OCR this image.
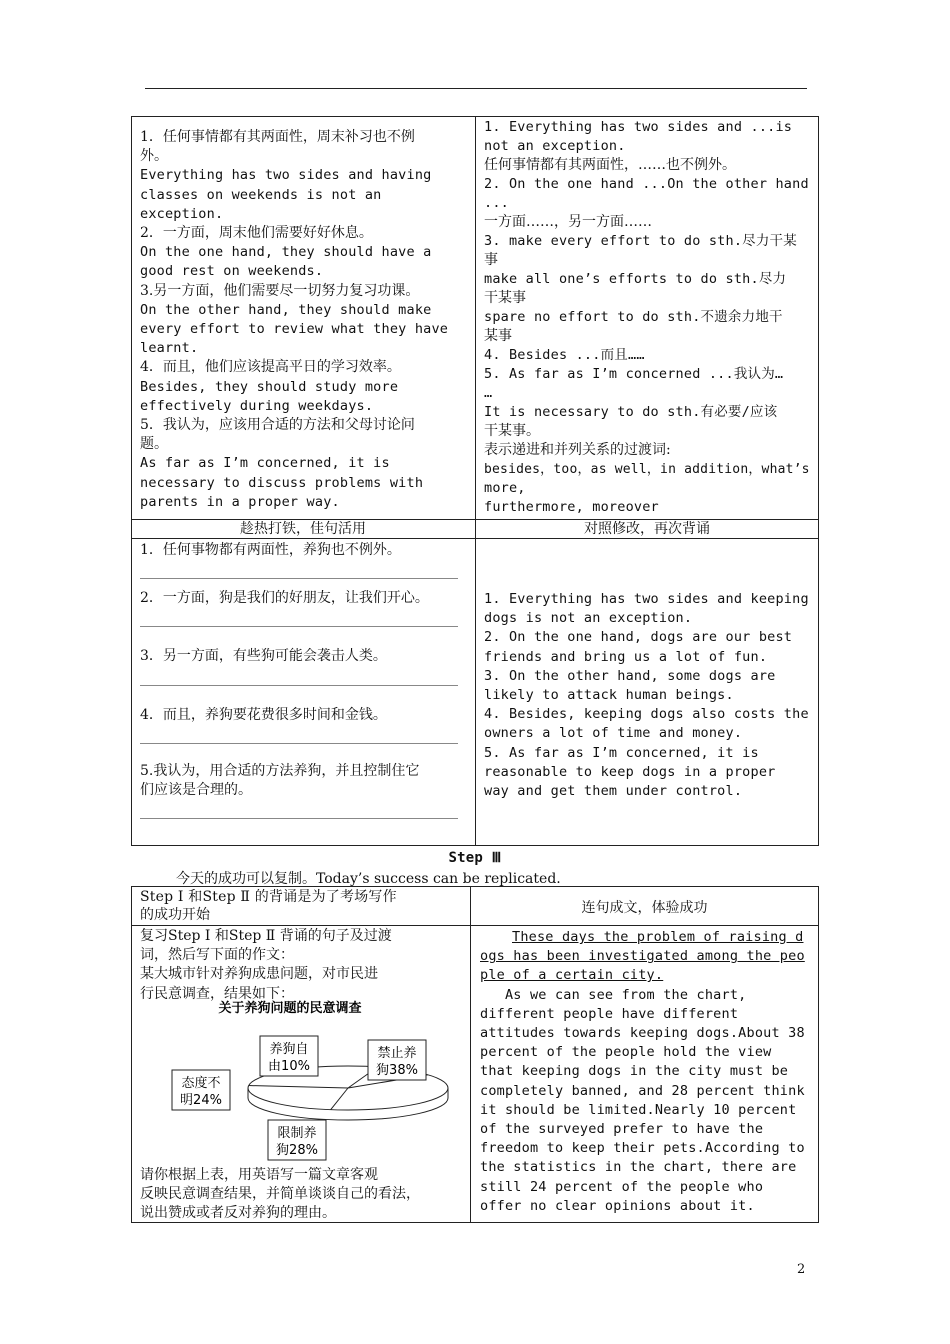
1．任何事情都有其两面性，周末补习也不例
外。
Everything has two sides and having
classes on weekends is not an
exception.
2．一方面，周末他们需要好好休息。
On the one hand, they should have a
good rest on weekends.
3.另一方面，他们需要尽一切努力复习功课。
On the other hand, they should make
every effort to review what they have
learnt.
4．而且，他们应该提高平日的学习效率。
Besides, they should study more
effectively during weekdays.
5．我认为，应该用合适的方法和父母讨论问
题。
As far as I’m concerned, it is
necessary to discuss problems with
parents in a proper way.
1. Everything has two sides and ...is
not an exception.
任何事情都有其两面性，……也不例外。
2. On the one hand ...On the other hand
...
一方面……，另一方面……
3. make every effort to do sth.尽力干某
事
make all one’s efforts to do sth.尽力
干某事
spare no effort to do sth.不遗余力地干
某事
4. Besides ...而且……
5. As far as I’m concerned ...我认为…
…
It is necessary to do sth.有必要/应该
干某事。
表示递进和并列关系的过渡词:
besides，too，as well，in addition，what’s
more,
furthermore, moreover
趁热打铁，佳句活用	对照修改，再次背诵
1．任何事物都有两面性，养狗也不例外。
2．一方面，狗是我们的好朋友，让我们开心。
3．另一方面，有些狗可能会袭击人类。
4．而且，养狗要花费很多时间和金钱。
5.我认为，用合适的方法养狗，并且控制住它
们应该是合理的。
1. Everything has two sides and keeping
dogs is not an exception.
2. On the one hand, dogs are our best
friends and bring us a lot of fun.
3. On the other hand, some dogs are
likely to attack human beings.
4. Besides, keeping dogs also costs the
owners a lot of time and money.
5. As far as I’m concerned, it is
reasonable to keep dogs in a proper
way and get them under control.
Step Ⅲ
今天的成功可以复制。Today’s success can be replicated.
Step Ⅰ 和Step Ⅱ 的背诵是为了考场写作
的成功开始	连句成文，体验成功
复习Step Ⅰ 和Step Ⅱ 背诵的句子及过渡
词，然后写下面的作文：
某大城市针对养狗成患问题，对市民进
行民意调查，结果如下：
关于养狗问题的民意调查
养狗自
由10%
禁止养
狗38%
态度不
明24%
限制养
狗28%
请你根据上表，用英语写一篇文章客观
反映民意调查结果，并简单谈谈自己的看法，
说出赞成或者反对养狗的理由。
These days the problem of raising d
ogs has been investigated among the peo
ple of a certain city.
As we can see from the chart,
different people have different
attitudes towards keeping dogs.About 38
percent of the people hold the view
that keeping dogs in the city must be
completely banned, and 28 percent think
it should be limited.Nearly 10 percent
of the surveyed prefer to have the
freedom to keep their pets.According to
the statistics in the chart, there are
still 24 percent of the people who
offer no clear opinions about it.
2
